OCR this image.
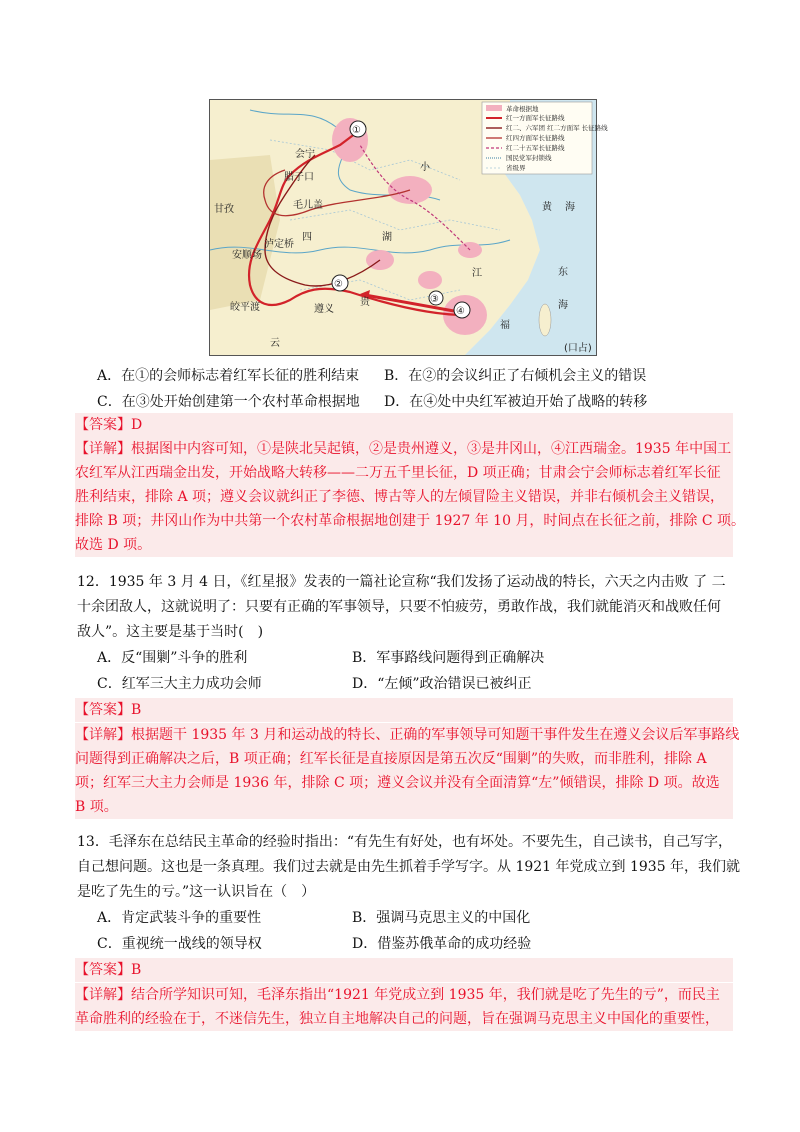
①
②
③
④
会宁
腊子口
毛儿盖
甘孜
安顺场
泸定桥
皎平渡	遵义
小
四	湖
贵
云
福
江
黄 海
东
海
(口占)
革命根据地
红一方面军长征路线
红二、六军团 红二方面军 长征路线
红四方面军长征路线
红二十五军长征路线
国民党军封锁线
省级界
A．在①的会师标志着红军长征的胜利结束 B．在②的会议纠正了右倾机会主义的错误
C．在③处开始创建第一个农村革命根据地 D．在④处中央红军被迫开始了战略的转移
【答案】D
【详解】根据图中内容可知，①是陕北吴起镇，②是贵州遵义，③是井冈山，④江西瑞金。1935 年中国工
农红军从江西瑞金出发，开始战略大转移——二万五千里长征，D 项正确；甘肃会宁会师标志着红军长征
胜利结束，排除 A 项；遵义会议就纠正了李德、博古等人的左倾冒险主义错误，并非右倾机会主义错误，
排除 B 项；井冈山作为中共第一个农村革命根据地创建于 1927 年 10 月，时间点在长征之前，排除 C 项。
故选 D 项。
12．1935 年 3 月 4 日，《红星报》发表的一篇社论宣称“我们发扬了运动战的特长，六天之内击败 了 二
十余团敌人，这就说明了：只要有正确的军事领导，只要不怕疲劳，勇敢作战，我们就能消灭和战败任何
敌人”。这主要是基于当时(　)
A．反“围剿”斗争的胜利	B．军事路线问题得到正确解决
C．红军三大主力成功会师	D．“左倾”政治错误已被纠正
【答案】B
【详解】根据题干 1935 年 3 月和运动战的特长、正确的军事领导可知题干事件发生在遵义会议后军事路线
问题得到正确解决之后，B 项正确；红军长征是直接原因是第五次反“围剿”的失败，而非胜利，排除 A
项；红军三大主力会师是 1936 年，排除 C 项；遵义会议并没有全面清算“左”倾错误，排除 D 项。故选
B 项。
13．毛泽东在总结民主革命的经验时指出：“有先生有好处，也有坏处。不要先生，自己读书，自己写字，
自己想问题。这也是一条真理。我们过去就是由先生抓着手学写字。从 1921 年党成立到 1935 年，我们就
是吃了先生的亏。”这一认识旨在（　）
A．肯定武装斗争的重要性	B．强调马克思主义的中国化
C．重视统一战线的领导权	D．借鉴苏俄革命的成功经验
【答案】B
【详解】结合所学知识可知，毛泽东指出“1921 年党成立到 1935 年，我们就是吃了先生的亏”，而民主
革命胜利的经验在于，不迷信先生，独立自主地解决自己的问题，旨在强调马克思主义中国化的重要性，
